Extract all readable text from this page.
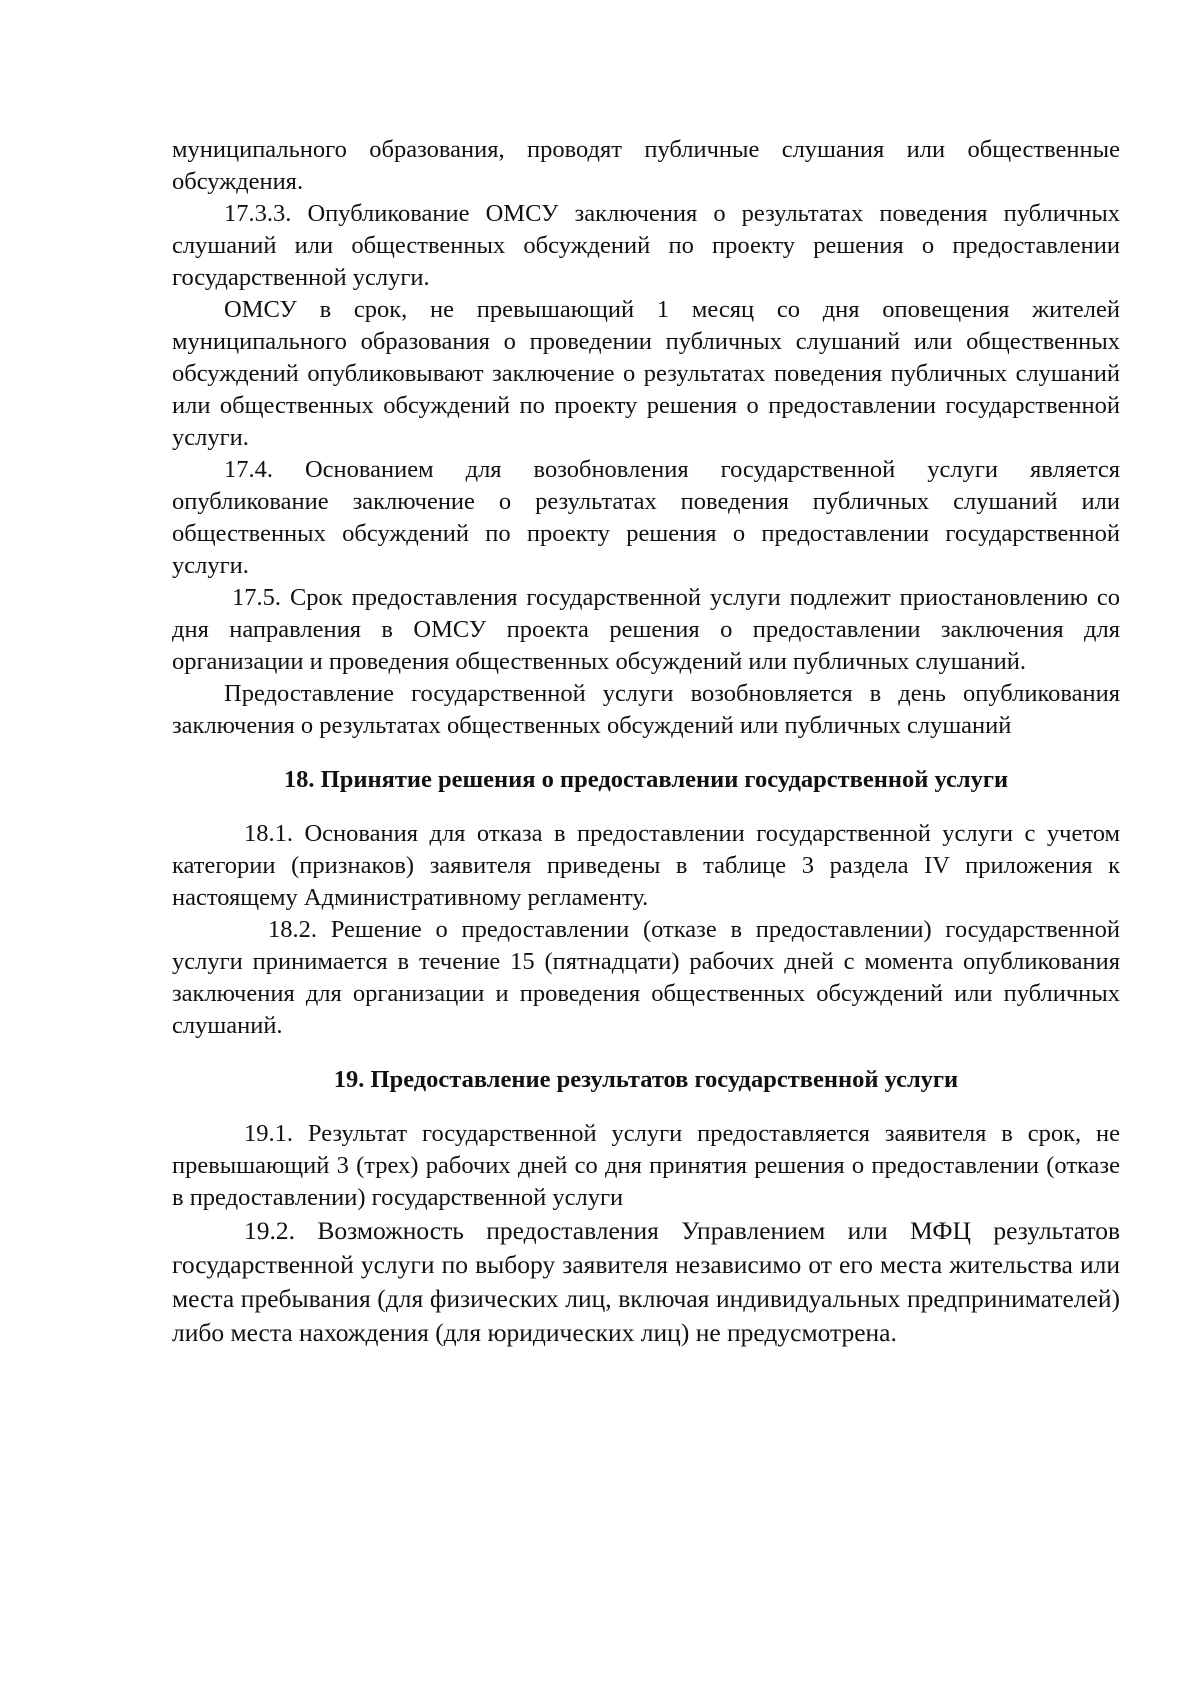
муниципального образования, проводят публичные слушания или общественные обсуждения.

17.3.3. Опубликование ОМСУ заключения о результатах поведения публичных слушаний или общественных обсуждений по проекту решения о предоставлении государственной услуги.

ОМСУ в срок, не превышающий 1 месяц со дня оповещения жителей муниципального образования о проведении публичных слушаний или общественных обсуждений опубликовывают заключение о результатах поведения публичных слушаний или общественных обсуждений по проекту решения о предоставлении государственной услуги.

17.4. Основанием для возобновления государственной услуги является опубликование заключение о результатах поведения публичных слушаний или общественных обсуждений по проекту решения о предоставлении государственной услуги.

17.5. Срок предоставления государственной услуги подлежит приостановлению со дня направления в ОМСУ проекта решения о предоставлении заключения для организации и проведения общественных обсуждений или публичных слушаний.

Предоставление государственной услуги возобновляется в день опубликования заключения о результатах общественных обсуждений или публичных слушаний

18. Принятие решения о предоставлении государственной услуги

18.1. Основания для отказа в предоставлении государственной услуги с учетом категории (признаков) заявителя приведены в таблице 3 раздела IV приложения к настоящему Административному регламенту.

18.2. Решение о предоставлении (отказе в предоставлении) государственной услуги принимается в течение 15 (пятнадцати) рабочих дней с момента опубликования заключения для организации и проведения общественных обсуждений или публичных слушаний.

19. Предоставление результатов государственной услуги

19.1. Результат государственной услуги предоставляется заявителя в срок, не превышающий 3 (трех) рабочих дней со дня принятия решения о предоставлении (отказе в предоставлении) государственной услуги

19.2. Возможность предоставления Управлением или МФЦ результатов государственной услуги по выбору заявителя независимо от его места жительства или места пребывания (для физических лиц, включая индивидуальных предпринимателей) либо места нахождения (для юридических лиц) не предусмотрена.
